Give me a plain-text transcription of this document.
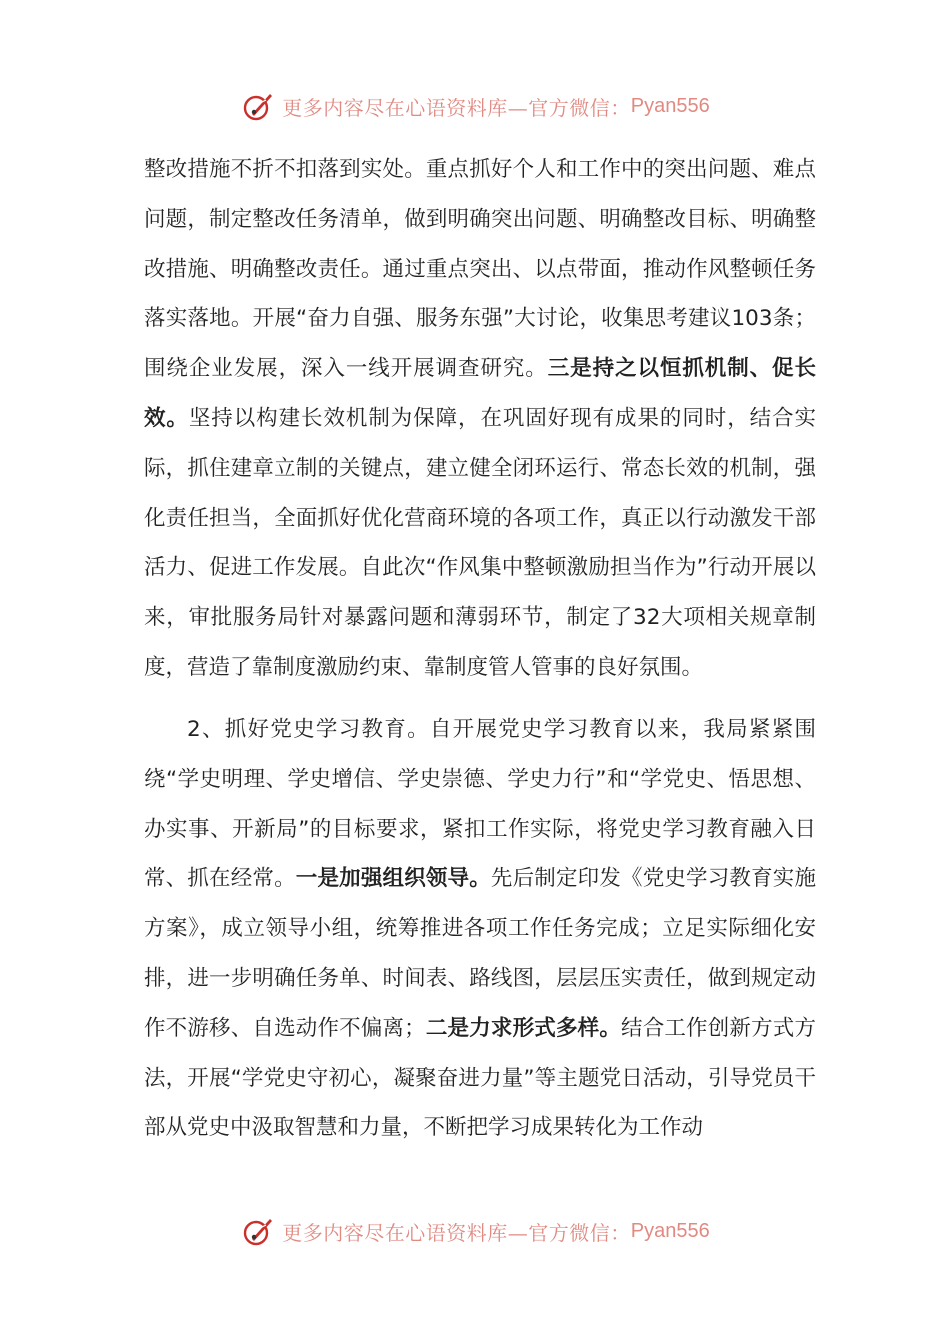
更多内容尽在心语资料库—官方微信： Pyan556

整改措施不折不扣落到实处。重点抓好个人和工作中的突出问题、难点问题，制定整改任务清单，做到明确突出问题、明确整改目标、明确整改措施、明确整改责任。通过重点突出、以点带面，推动作风整顿任务落实落地。开展“奋力自强、服务东强”大讨论，收集思考建议103条；围绕企业发展，深入一线开展调查研究。三是持之以恒抓机制、促长效。坚持以构建长效机制为保障，在巩固好现有成果的同时，结合实际，抓住建章立制的关键点，建立健全闭环运行、常态长效的机制，强化责任担当，全面抓好优化营商环境的各项工作，真正以行动激发干部活力、促进工作发展。自此次“作风集中整顿激励担当作为”行动开展以来，审批服务局针对暴露问题和薄弱环节，制定了32大项相关规章制度，营造了靠制度激励约束、靠制度管人管事的良好氛围。

2、抓好党史学习教育。自开展党史学习教育以来，我局紧紧围绕“学史明理、学史增信、学史崇德、学史力行”和“学党史、悟思想、办实事、开新局”的目标要求，紧扣工作实际，将党史学习教育融入日常、抓在经常。一是加强组织领导。先后制定印发《党史学习教育实施方案》，成立领导小组，统筹推进各项工作任务完成；立足实际细化安排，进一步明确任务单、时间表、路线图，层层压实责任，做到规定动作不游移、自选动作不偏离；二是力求形式多样。结合工作创新方式方法，开展“学党史守初心，凝聚奋进力量”等主题党日活动，引导党员干部从党史中汲取智慧和力量，不断把学习成果转化为工作动

更多内容尽在心语资料库—官方微信： Pyan556
